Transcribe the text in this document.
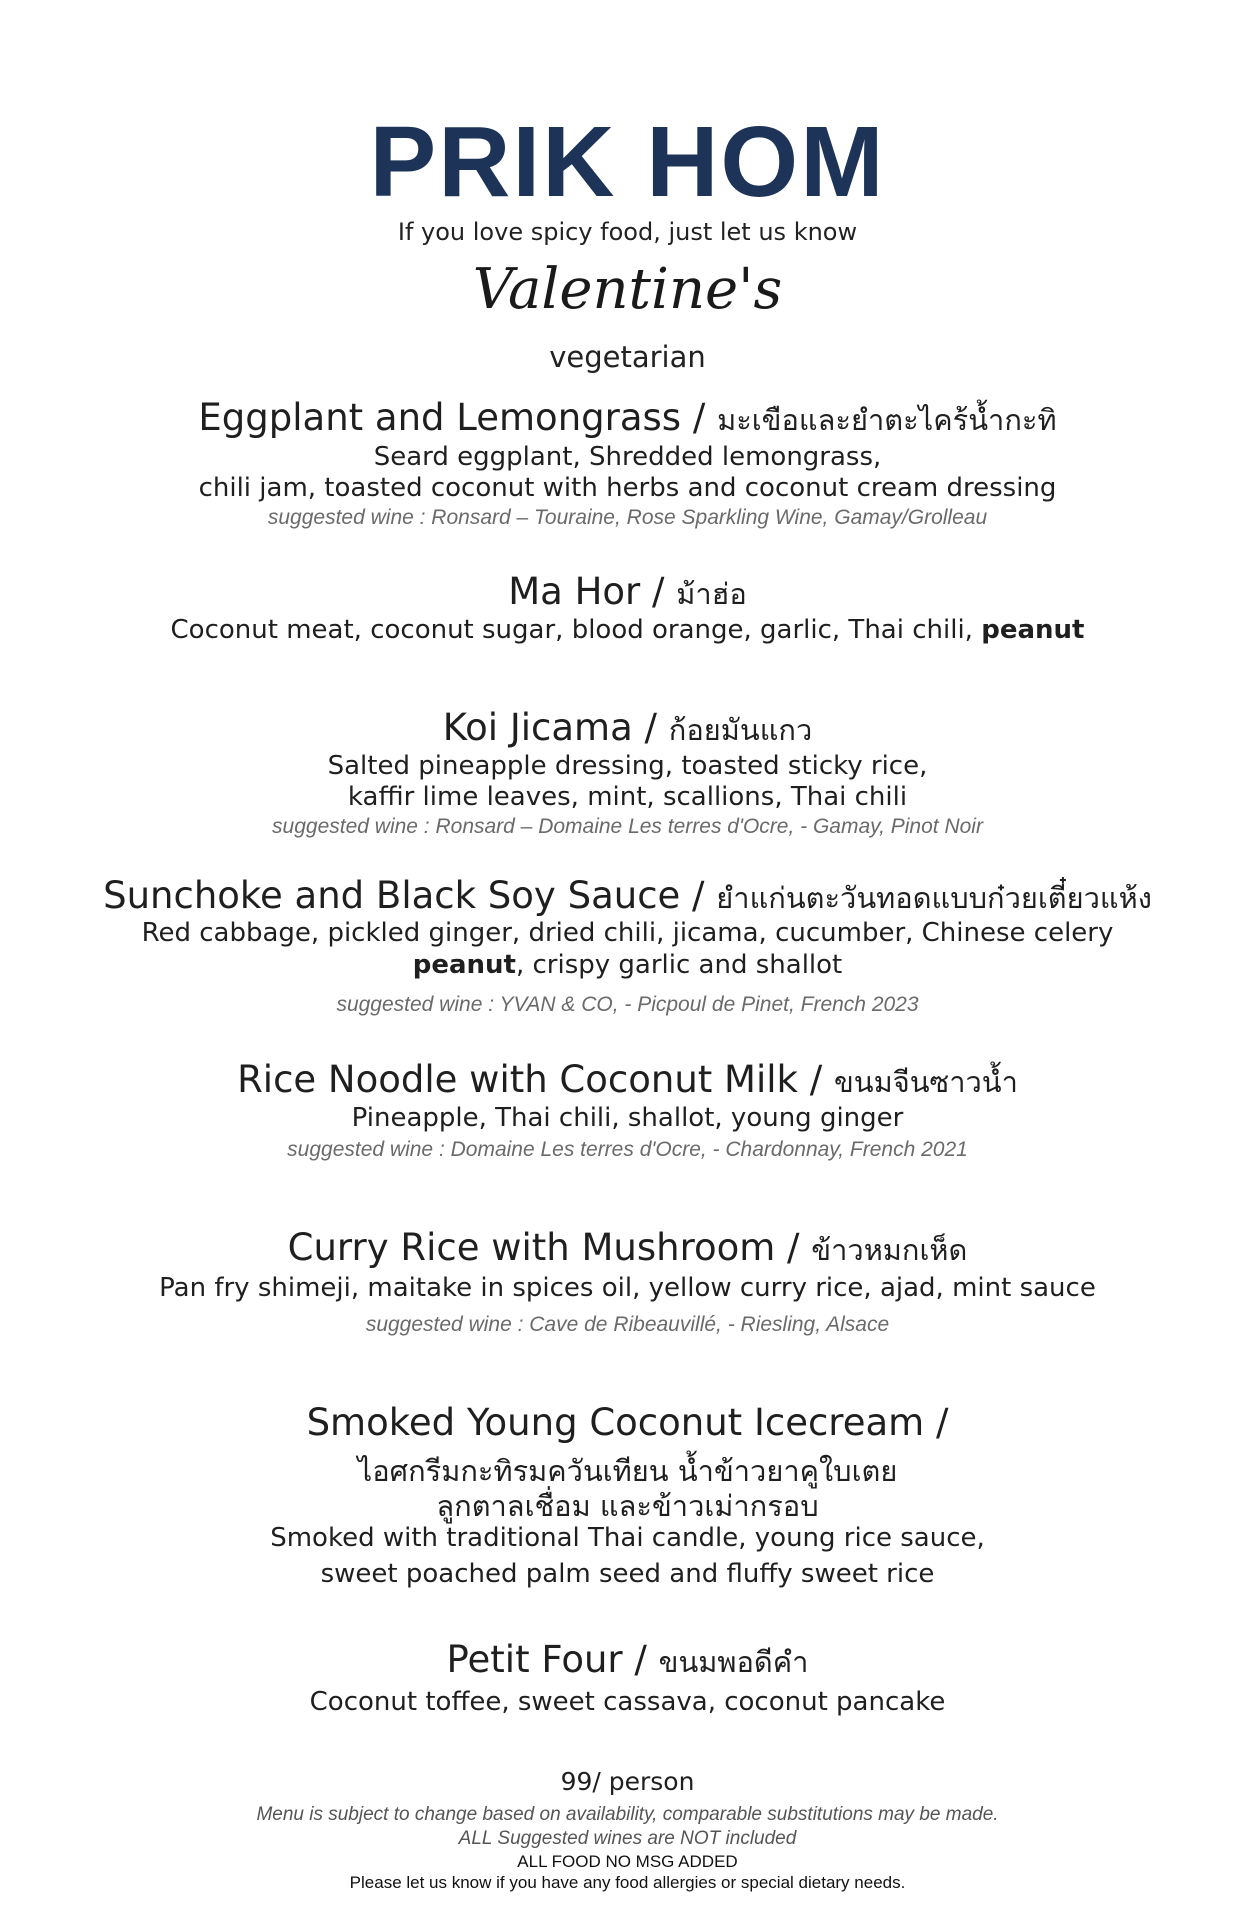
PRIK HOM
If you love spicy food, just let us know
Valentine's
vegetarian
Eggplant and Lemongrass / มะเขือและยำตะไคร้น้ำกะทิ
Seard eggplant, Shredded lemongrass,
chili jam, toasted coconut with herbs and coconut cream dressing
suggested wine : Ronsard – Touraine, Rose Sparkling Wine, Gamay/Grolleau
Ma Hor / ม้าฮ่อ
Coconut meat, coconut sugar, blood orange, garlic, Thai chili, peanut
Koi Jicama / ก้อยมันแกว
Salted pineapple dressing, toasted sticky rice,
kaffir lime leaves, mint, scallions, Thai chili
suggested wine : Ronsard – Domaine Les terres d'Ocre, - Gamay, Pinot Noir
Sunchoke and Black Soy Sauce / ยำแก่นตะวันทอดแบบก๋วยเตี๋ยวแห้ง
Red cabbage, pickled ginger, dried chili, jicama, cucumber, Chinese celery
peanut, crispy garlic and shallot
suggested wine : YVAN & CO, - Picpoul de Pinet, French 2023
Rice Noodle with Coconut Milk / ขนมจีนซาวน้ำ
Pineapple, Thai chili, shallot, young ginger
suggested wine : Domaine Les terres d'Ocre, - Chardonnay, French 2021
Curry Rice with Mushroom / ข้าวหมกเห็ด
Pan fry shimeji, maitake in spices oil, yellow curry rice, ajad, mint sauce
suggested wine : Cave de Ribeauvillé, - Riesling, Alsace
Smoked Young Coconut Icecream /
ไอศกรีมกะทิรมควันเทียน น้ำข้าวยาคูใบเตย
ลูกตาลเชื่อม และข้าวเม่ากรอบ
Smoked with traditional Thai candle, young rice sauce,
sweet poached palm seed and fluffy sweet rice
Petit Four / ขนมพอดีคำ
Coconut toffee, sweet cassava, coconut pancake
99/ person
Menu is subject to change based on availability, comparable substitutions may be made.
ALL Suggested wines are NOT included
ALL FOOD NO MSG ADDED
Please let us know if you have any food allergies or special dietary needs.
